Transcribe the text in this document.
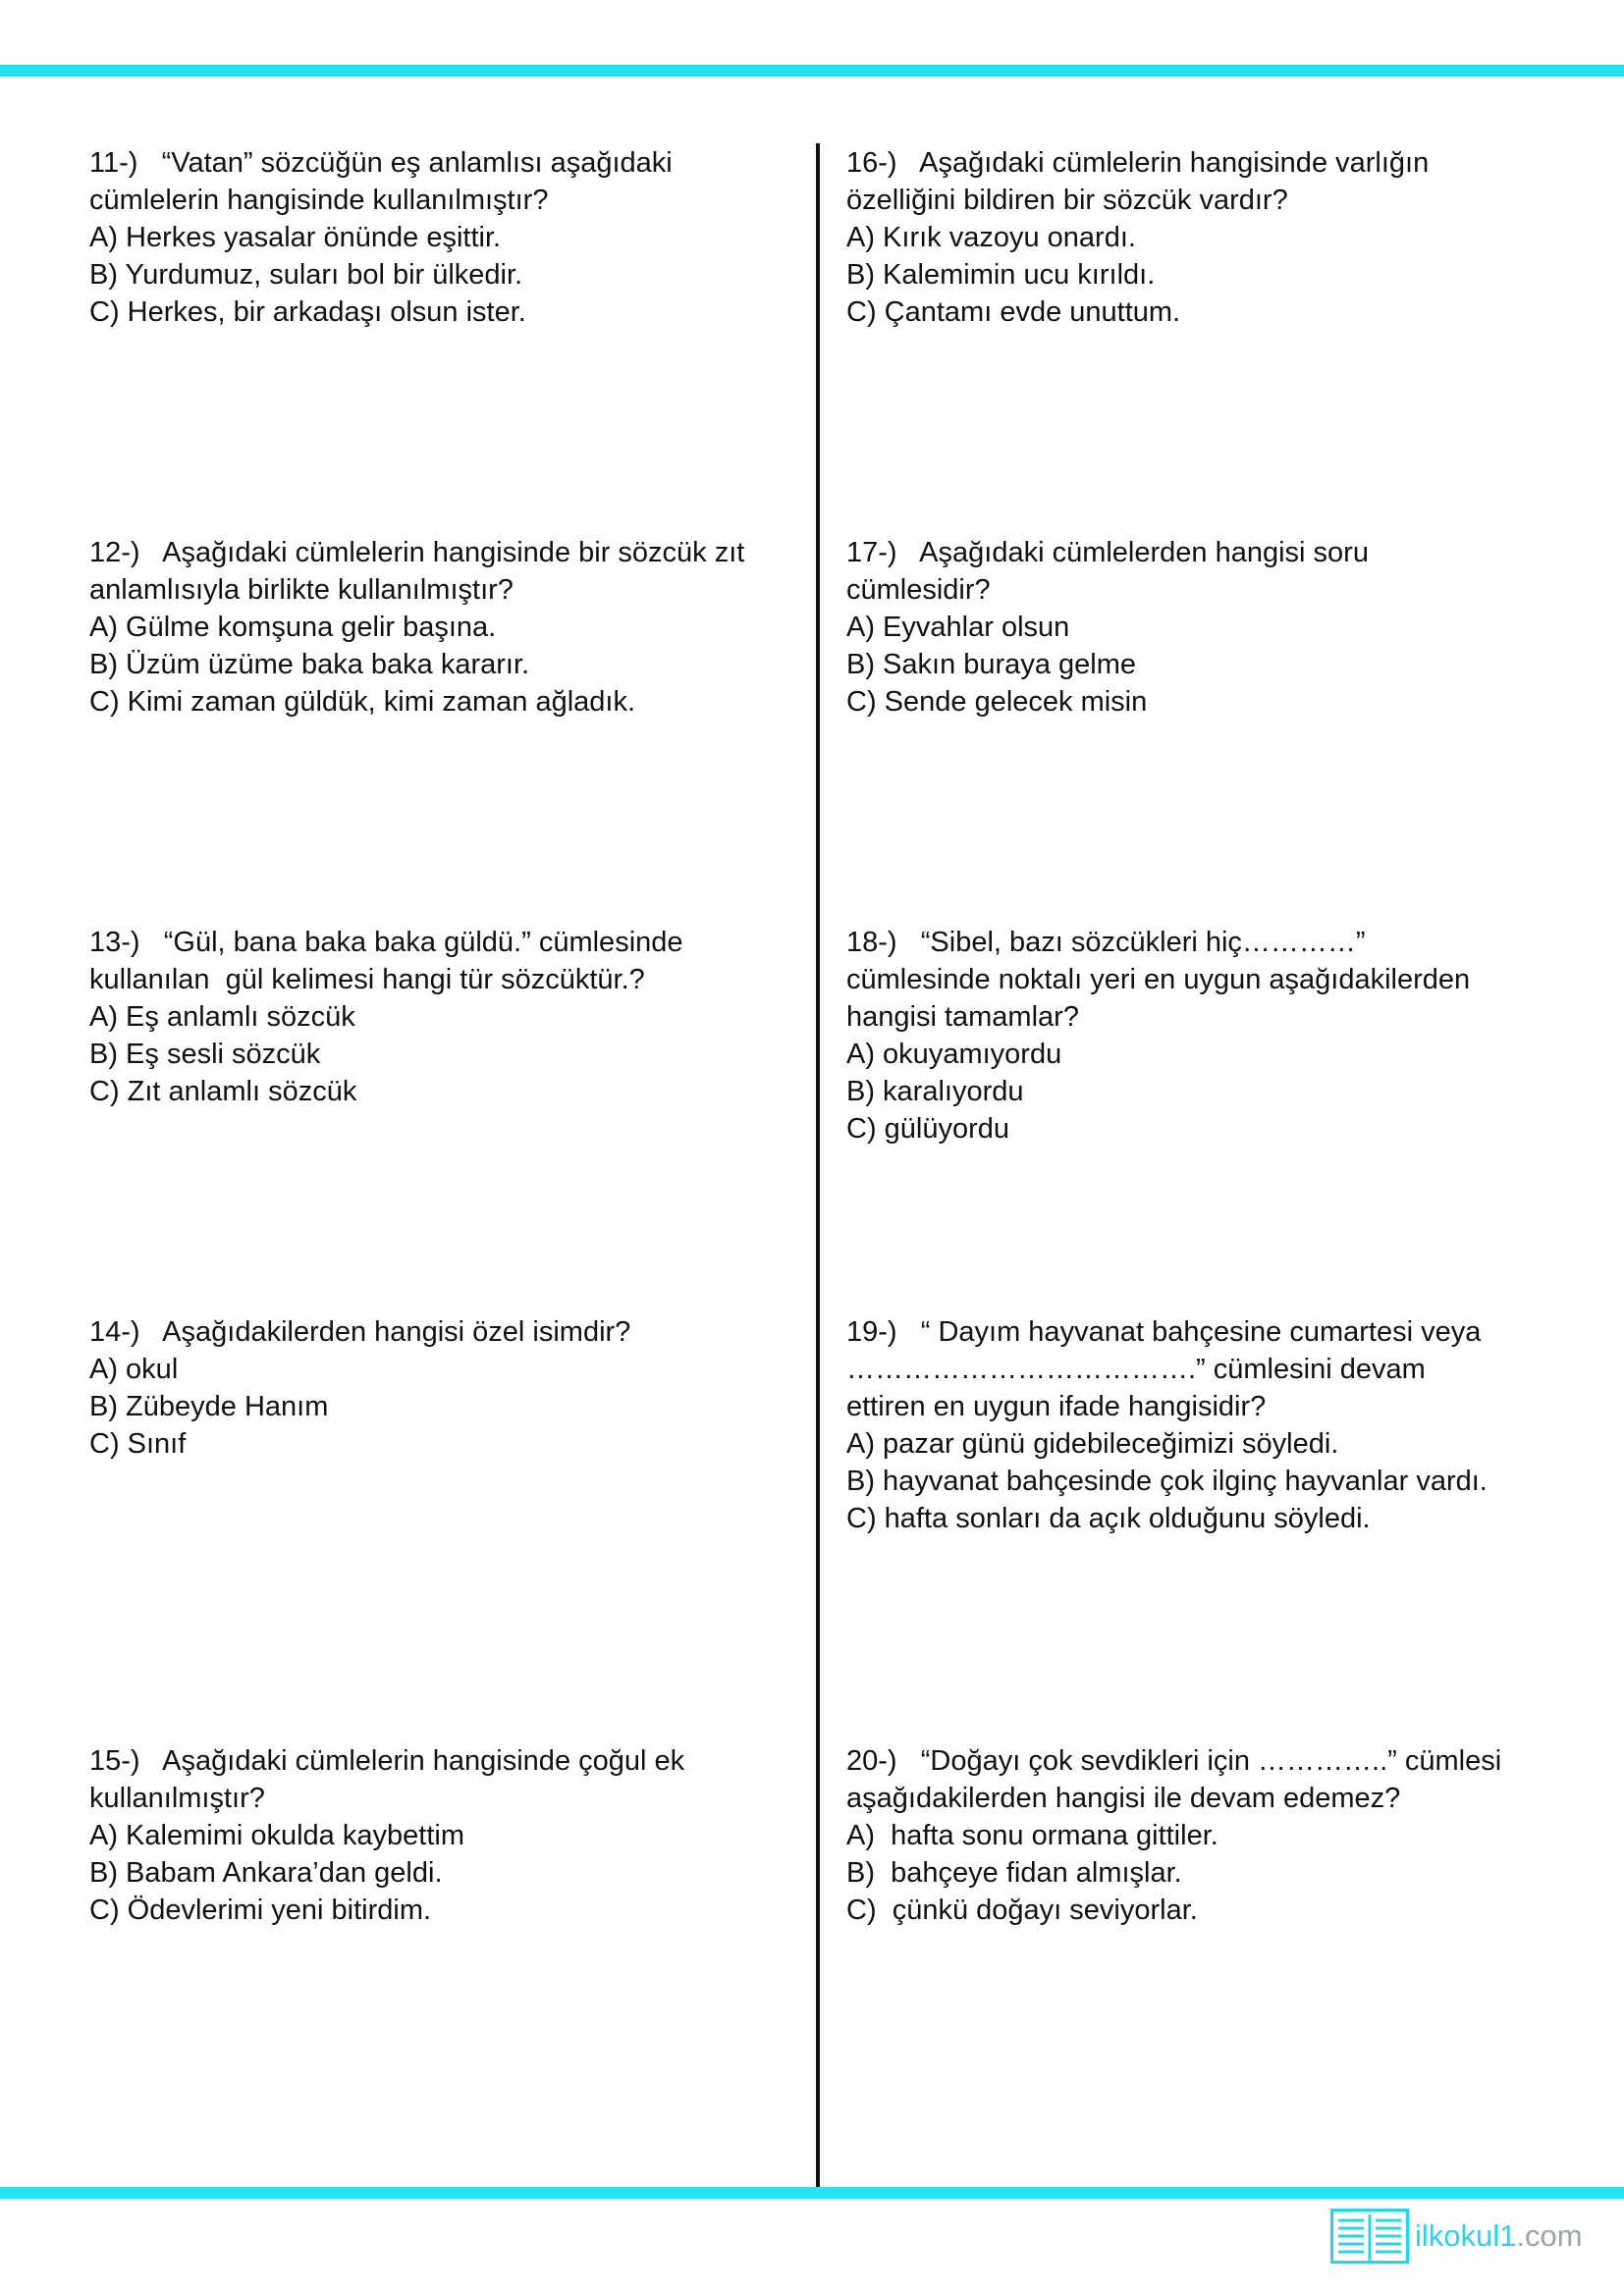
11-) “Vatan” sözcüğün eş anlamlısı aşağıdaki
cümlelerin hangisinde kullanılmıştır?
A) Herkes yasalar önünde eşittir.
B) Yurdumuz, suları bol bir ülkedir.
C) Herkes, bir arkadaşı olsun ister.
12-) Aşağıdaki cümlelerin hangisinde bir sözcük zıt
anlamlısıyla birlikte kullanılmıştır?
A) Gülme komşuna gelir başına.
B) Üzüm üzüme baka baka kararır.
C) Kimi zaman güldük, kimi zaman ağladık.
13-) “Gül, bana baka baka güldü.” cümlesinde
kullanılan  gül kelimesi hangi tür sözcüktür.?
A) Eş anlamlı sözcük
B) Eş sesli sözcük
C) Zıt anlamlı sözcük
14-) Aşağıdakilerden hangisi özel isimdir?
A) okul
B) Zübeyde Hanım
C) Sınıf
15-) Aşağıdaki cümlelerin hangisinde çoğul ek
kullanılmıştır?
A) Kalemimi okulda kaybettim
B) Babam Ankara’dan geldi.
C) Ödevlerimi yeni bitirdim.
16-) Aşağıdaki cümlelerin hangisinde varlığın
özelliğini bildiren bir sözcük vardır?
A) Kırık vazoyu onardı.
B) Kalemimin ucu kırıldı.
C) Çantamı evde unuttum.
17-) Aşağıdaki cümlelerden hangisi soru
cümlesidir?
A) Eyvahlar olsun
B) Sakın buraya gelme
C) Sende gelecek misin
18-) “Sibel, bazı sözcükleri hiç…………”
cümlesinde noktalı yeri en uygun aşağıdakilerden
hangisi tamamlar?
A) okuyamıyordu
B) karalıyordu
C) gülüyordu
19-) “ Dayım hayvanat bahçesine cumartesi veya
……………………………….” cümlesini devam
ettiren en uygun ifade hangisidir?
A) pazar günü gidebileceğimizi söyledi.
B) hayvanat bahçesinde çok ilginç hayvanlar vardı.
C) hafta sonları da açık olduğunu söyledi.
20-) “Doğayı çok sevdikleri için …………..” cümlesi
aşağıdakilerden hangisi ile devam edemez?
A)  hafta sonu ormana gittiler.
B)  bahçeye fidan almışlar.
C)  çünkü doğayı seviyorlar.
ilkokul1.com
